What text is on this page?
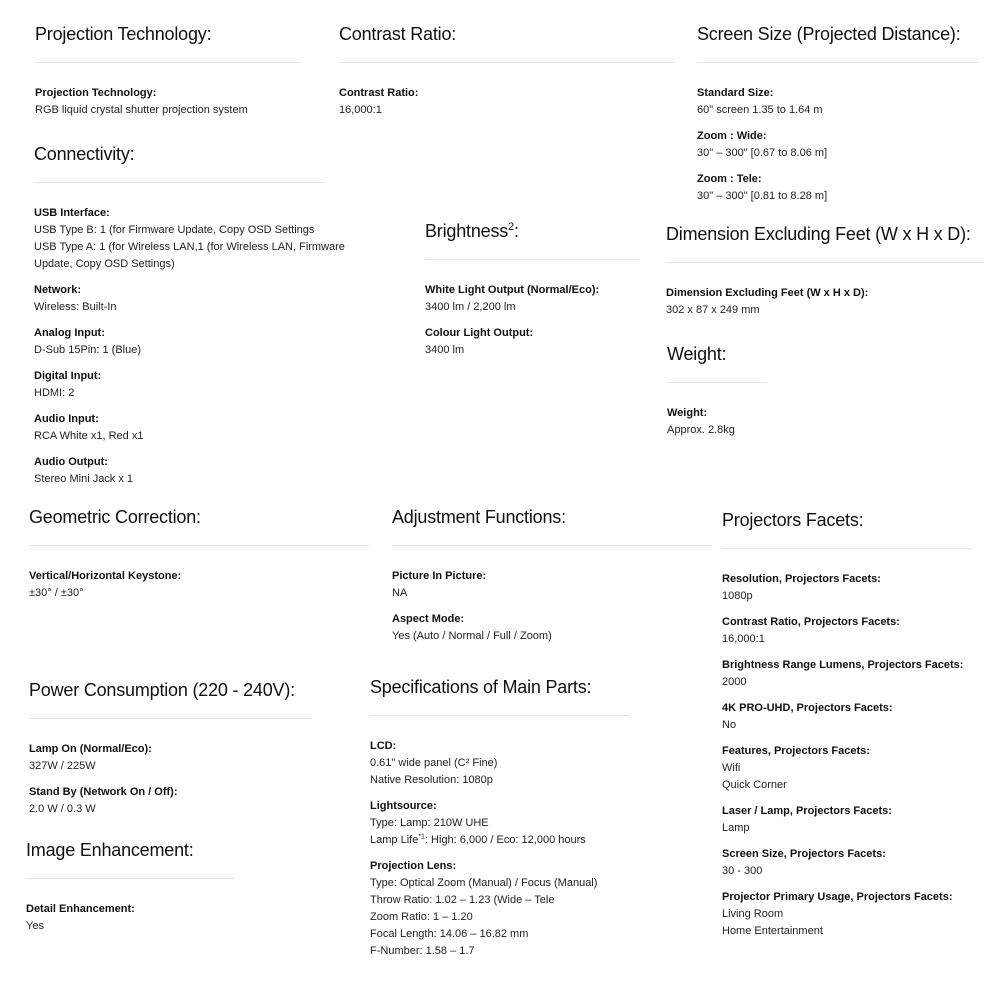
Projection Technology:
Projection Technology:
RGB liquid crystal shutter projection system
Contrast Ratio:
Contrast Ratio:
16,000:1
Screen Size (Projected Distance):
Standard Size:
60" screen 1.35 to 1.64 m
Zoom : Wide:
30" – 300" [0.67 to 8.06 m]
Zoom : Tele:
30" – 300" [0.81 to 8.28 m]
Connectivity:
USB Interface:
USB Type B: 1 (for Firmware Update, Copy OSD Settings
USB Type A: 1 (for Wireless LAN,1 (for Wireless LAN, Firmware
Update, Copy OSD Settings)
Network:
Wireless: Built-In
Analog Input:
D-Sub 15Pin: 1 (Blue)
Digital Input:
HDMI: 2
Audio Input:
RCA White x1, Red x1
Audio Output:
Stereo Mini Jack x 1
Brightness$^2$:
White Light Output (Normal/Eco):
3400 lm / 2,200 lm
Colour Light Output:
3400 lm
Dimension Excluding Feet (W x H x D):
Dimension Excluding Feet (W x H x D):
302 x 87 x 249 mm
Weight:
Weight:
Approx. 2.8kg
Geometric Correction:
Vertical/Horizontal Keystone:
±30° / ±30°
Adjustment Functions:
Picture In Picture:
NA
Aspect Mode:
Yes (Auto / Normal / Full / Zoom)
Projectors Facets:
Resolution, Projectors Facets:
1080p
Contrast Ratio, Projectors Facets:
16,000:1
Brightness Range Lumens, Projectors Facets:
2000
4K PRO-UHD, Projectors Facets:
No
Features, Projectors Facets:
Wifi
Quick Corner
Laser / Lamp, Projectors Facets:
Lamp
Screen Size, Projectors Facets:
30 - 300
Projector Primary Usage, Projectors Facets:
Living Room
Home Entertainment
Power Consumption (220 - 240V):
Lamp On (Normal/Eco):
327W / 225W
Stand By (Network On / Off):
2.0 W / 0.3 W
Specifications of Main Parts:
LCD:
0.61" wide panel (C² Fine)
Native Resolution: 1080p
Lightsource:
Type: Lamp: 210W UHE
Lamp Life$^{*1}$: High: 6,000 / Eco: 12,000 hours
Projection Lens:
Type: Optical Zoom (Manual) / Focus (Manual)
Throw Ratio: 1.02 – 1.23 (Wide – Tele
Zoom Ratio: 1 – 1.20
Focal Length: 14.06 – 16.82 mm
F-Number: 1.58 – 1.7
Image Enhancement:
Detail Enhancement:
Yes
